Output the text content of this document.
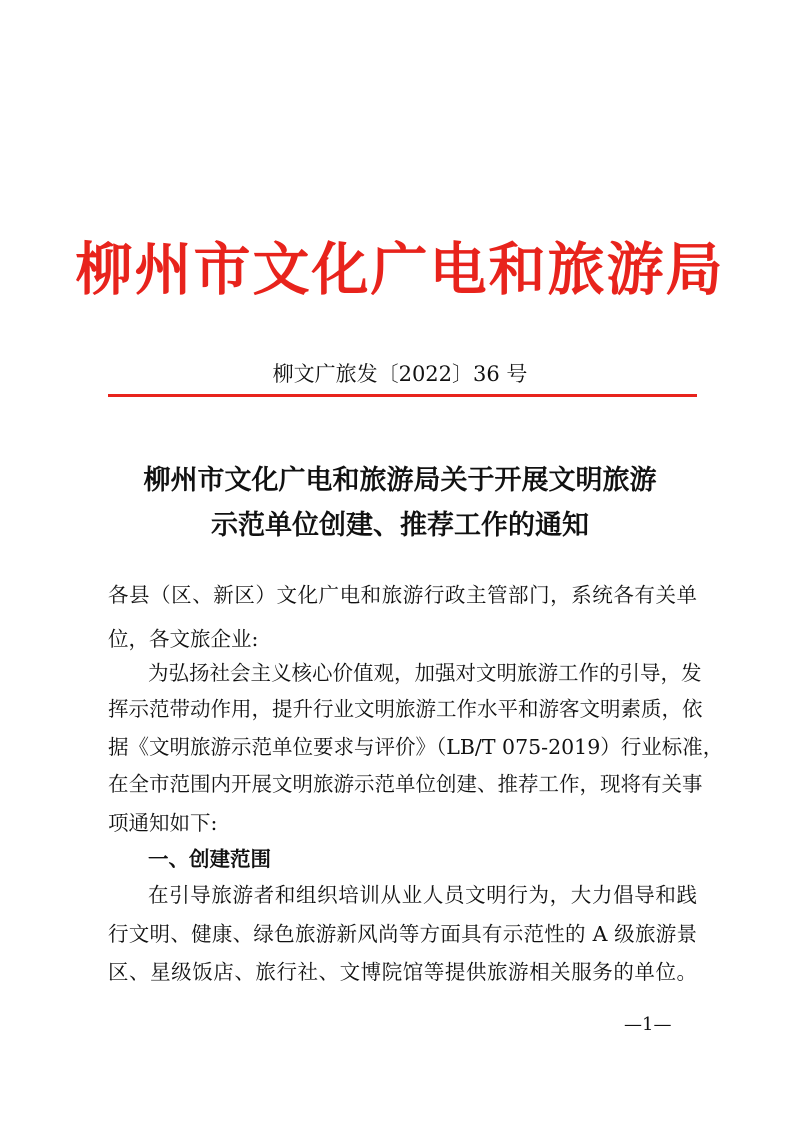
柳州市文化广电和旅游局
柳文广旅发〔2022〕36 号
柳州市文化广电和旅游局关于开展文明旅游
示范单位创建、推荐工作的通知
各县（区、新区）文化广电和旅游行政主管部门，系统各有关单
位，各文旅企业:
为弘扬社会主义核心价值观，加强对文明旅游工作的引导，发
挥示范带动作用，提升行业文明旅游工作水平和游客文明素质，依
据《文明旅游示范单位要求与评价》（LB/T 075-2019）行业标准，
在全市范围内开展文明旅游示范单位创建、推荐工作，现将有关事
项通知如下:
一、创建范围
在引导旅游者和组织培训从业人员文明行为，大力倡导和践
行文明、健康、绿色旅游新风尚等方面具有示范性的 A 级旅游景
区、星级饭店、旅行社、文博院馆等提供旅游相关服务的单位。
—1—
